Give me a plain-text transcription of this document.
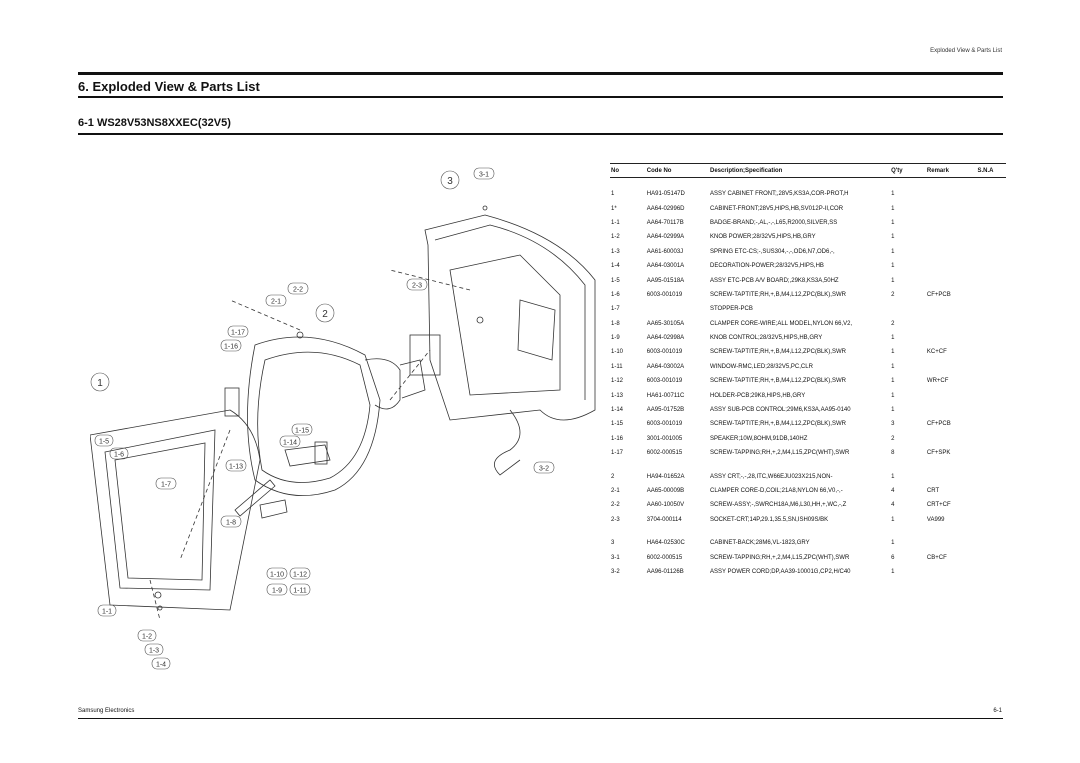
Exploded View & Parts List
6. Exploded View & Parts List
6-1 WS28V53NS8XXEC(32V5)
3
3-1
2-3
2-2
2-1
2
1-17
1-16
1
1-15
1-14
1-5
1-6
1-13
1-7
1-8
3-2
1-10 1-12
1-9 1-11
1-1
1-2
1-3
1-4
No	Code No	Description;Specification	Q'ty	Remark	S.N.A

1	HA91-05147D	ASSY CABINET FRONT;,28V5,KS3A,COR-PROT,H	1		
1*	AA64-02996D	CABINET-FRONT;28V5,HIPS,HB,SV012P-II,COR	1		
1-1	AA64-70117B	BADGE-BRAND;-,AL,-,-,L65,R2000,SILVER,SS	1		
1-2	AA64-02999A	KNOB POWER;28/32V5,HIPS,HB,GRY	1		
1-3	AA61-60003J	SPRING ETC-CS;-,SUS304,-,-,OD6,N7,OD6,-,	1		
1-4	AA64-03001A	DECORATION-POWER;28/32V5,HIPS,HB	1		
1-5	AA95-01518A	ASSY ETC-PCB A/V BOARD;,29K8,KS3A,50HZ	1		
1-6	6003-001019	SCREW-TAPTITE;RH,+,B,M4,L12,ZPC(BLK),SWR	2	CF+PCB	
1-7		STOPPER-PCB			
1-8	AA65-30105A	CLAMPER CORE-WIRE;ALL MODEL,NYLON 66,V2,	2		
1-9	AA64-02998A	KNOB CONTROL;28/32V5,HIPS,HB,GRY	1		
1-10	6003-001019	SCREW-TAPTITE;RH,+,B,M4,L12,ZPC(BLK),SWR	1	KC+CF	
1-11	AA64-03002A	WINDOW-RMC,LED;28/32V5,PC,CLR	1		
1-12	6003-001019	SCREW-TAPTITE;RH,+,B,M4,L12,ZPC(BLK),SWR	1	WR+CF	
1-13	HA61-00711C	HOLDER-PCB;29K8,HIPS,HB,GRY	1		
1-14	AA95-01752B	ASSY SUB-PCB CONTROL;29M6,KS3A,AA95-0140	1		
1-15	6003-001019	SCREW-TAPTITE;RH,+,B,M4,L12,ZPC(BLK),SWR	3	CF+PCB	
1-16	3001-001005	SPEAKER;10W,8OHM,91DB,140HZ	2		
1-17	6002-000515	SCREW-TAPPING;RH,+,2,M4,L15,ZPC(WHT),SWR	8	CF+SPK	

2	HA94-01652A	ASSY CRT;-,-,28,ITC,W66EJU023X215,NON-	1		
2-1	AA65-00009B	CLAMPER CORE-D,COIL;21A8,NYLON 66,V0,-,-	4	CRT	
2-2	AA60-10050V	SCREW-ASSY;-,SWRCH18A,M6,L30,HH,+,WC,-,Z	4	CRT+CF	
2-3	3704-000114	SOCKET-CRT;14P,29.1,35.5,SN,ISH09S/BK	1	VA999	

3	HA64-02530C	CABINET-BACK;28M6,VL-1823,GRY	1		
3-1	6002-000515	SCREW-TAPPING;RH,+,2,M4,L15,ZPC(WHT),SWR	6	CB+CF	
3-2	AA96-01126B	ASSY POWER CORD;DP,AA39-10001G,CP2,H/C40	1		
Samsung Electronics	6-1
